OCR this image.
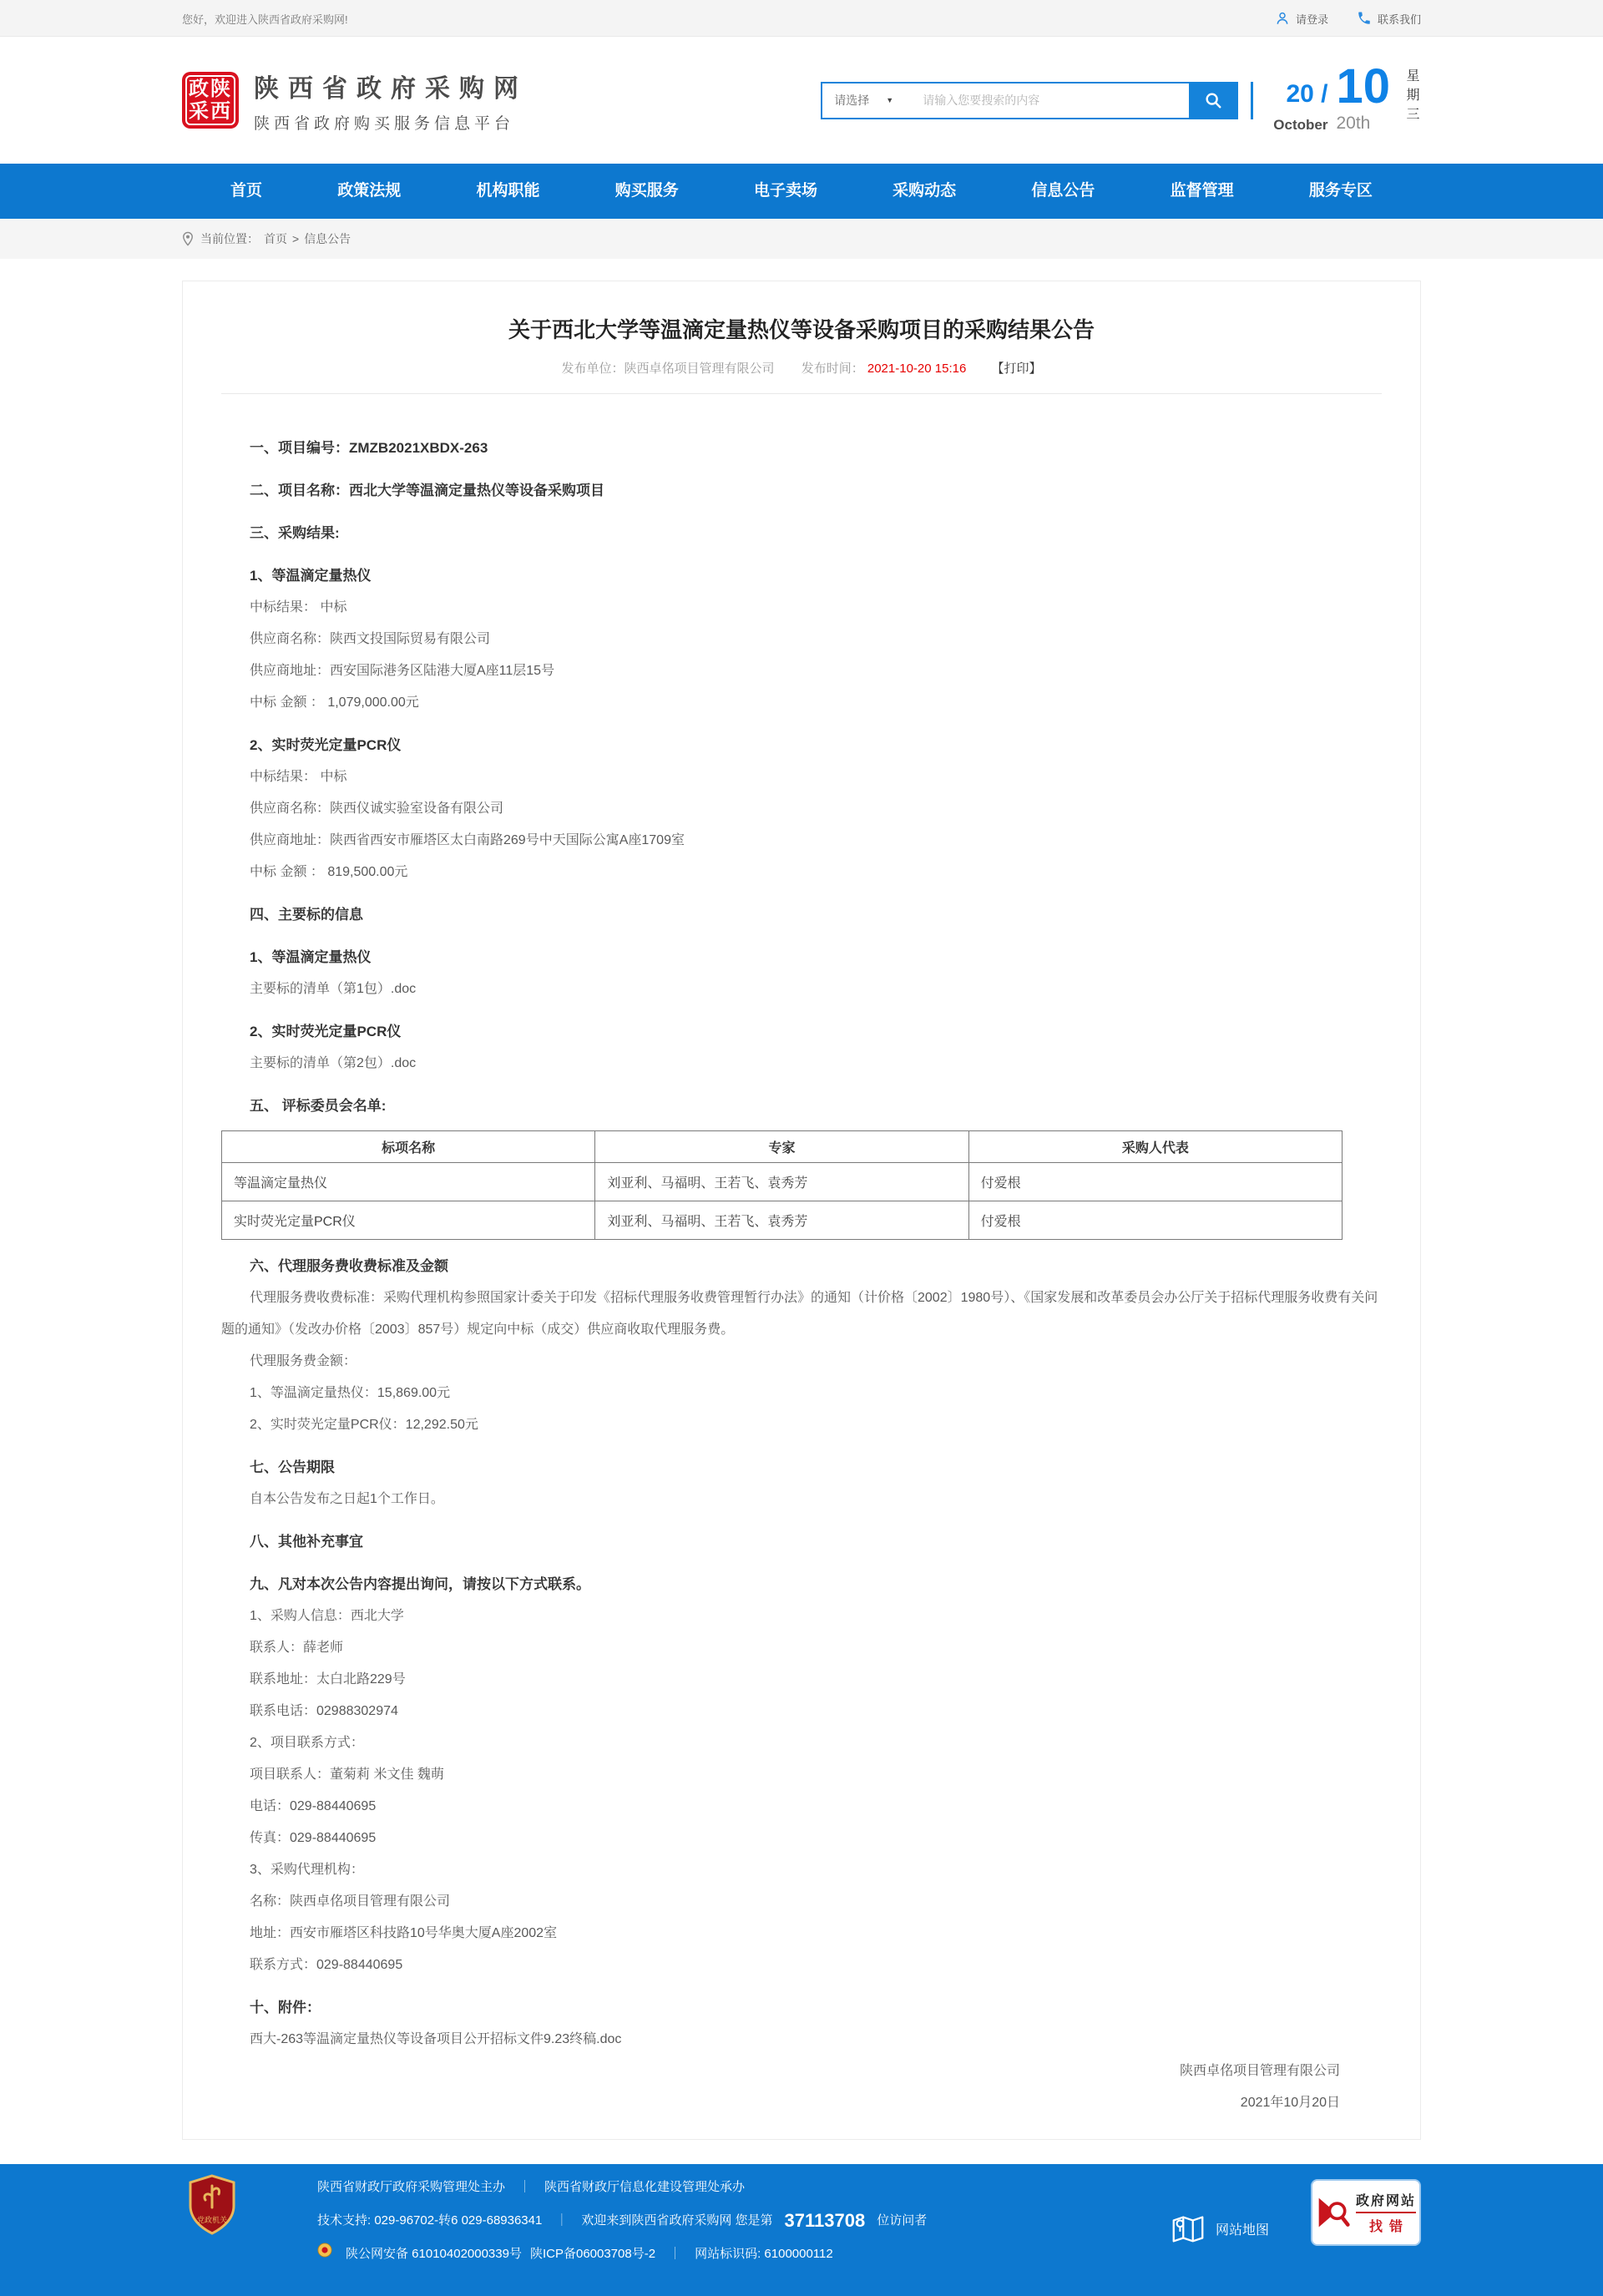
您好，欢迎进入陕西省政府采购网!	请登录	联系我们
政陕
采西
陕西省政府采购网
陕西省政府购买服务信息平台
请选择 ▼
请输入您要搜索的内容	20 / 10
October 20th	星期三
首页	政策法规	机构职能	购买服务	电子卖场	采购动态	信息公告	监督管理	服务专区
当前位置： 首页 > 信息公告
关于西北大学等温滴定量热仪等设备采购项目的采购结果公告
发布单位：陕西卓佲项目管理有限公司 发布时间： 2021-10-20 15:16 【打印】

一、项目编号：ZMZB2021XBDX-263

二、项目名称：西北大学等温滴定量热仪等设备采购项目

三、采购结果:

1、等温滴定量热仪

中标结果： 中标

供应商名称：陕西文投国际贸易有限公司

供应商地址：西安国际港务区陆港大厦A座11层15号

中标 金额 ： 1,079,000.00元

2、实时荧光定量PCR仪

中标结果： 中标

供应商名称：陕西仪诚实验室设备有限公司

供应商地址：陕西省西安市雁塔区太白南路269号中天国际公寓A座1709室

中标 金额 ： 819,500.00元

四、主要标的信息

1、等温滴定量热仪

主要标的清单（第1包）.doc

2、实时荧光定量PCR仪

主要标的清单（第2包）.doc

五、 评标委员会名单:

标项名称	专家	采购人代表
等温滴定量热仪	刘亚利、马福明、王若飞、袁秀芳	付爱根
实时荧光定量PCR仪	刘亚利、马福明、王若飞、袁秀芳	付爱根

六、代理服务费收费标准及金额

代理服务费收费标准：采购代理机构参照国家计委关于印发《招标代理服务收费管理暂行办法》的通知（计价格〔2002〕1980号）、《国家发展和改革委员会办公厅关于招标代理服务收费有关问题的通知》（发改办价格〔2003〕857号）规定向中标（成交）供应商收取代理服务费。

代理服务费金额：

1、等温滴定量热仪：15,869.00元

2、实时荧光定量PCR仪：12,292.50元

七、公告期限

自本公告发布之日起1个工作日。

八、其他补充事宜

九、凡对本次公告内容提出询问，请按以下方式联系。

1、采购人信息：西北大学

联系人：薛老师

联系地址：太白北路229号

联系电话：02988302974

2、项目联系方式：

项目联系人：董菊莉 米文佳 魏萌

电话：029-88440695

传真：029-88440695

3、采购代理机构：

名称：陕西卓佲项目管理有限公司

地址：西安市雁塔区科技路10号华奥大厦A座2002室

联系方式：029-88440695

十、附件：

西大-263等温滴定量热仪等设备项目公开招标文件9.23终稿.doc

陕西卓佲项目管理有限公司

2021年10月20日

党政机关
陕西省财政厅政府采购管理处主办	｜	陕西省财政厅信息化建设管理处承办
技术支持: 029-96702-转6 029-68936341	｜	欢迎来到陕西省政府采购网 您是第 37113708 位访问者
陕公网安备 61010402000339号 陕ICP备06003708号-2	｜	网站标识码: 6100000112
网站地图
政府网站
找错
